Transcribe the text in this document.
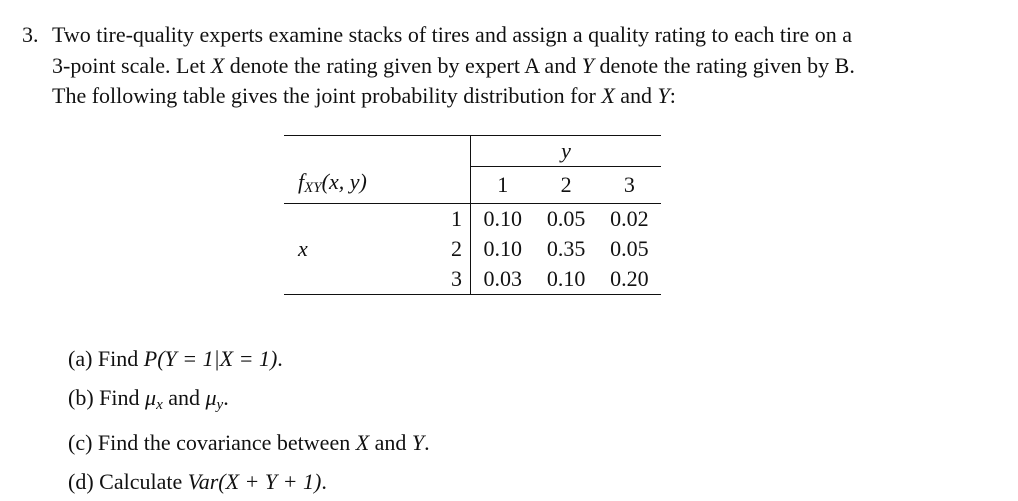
3. Two tire-quality experts examine stacks of tires and assign a quality rating to each tire on a
3-point scale. Let X denote the rating given by expert A and Y denote the rating given by B.
The following table gives the joint probability distribution for X and Y:
		y		
$f_{XY}(x$, y)		1	2	3
	1	0.10	0.05	0.02
x	2	0.10	0.35	0.05
	3	0.03	0.10	0.20
(a) Find P(Y = 1|X = 1).
(b) Find μx and μy.
(c) Find the covariance between X and Y.
(d) Calculate Var(X + Y + 1).
